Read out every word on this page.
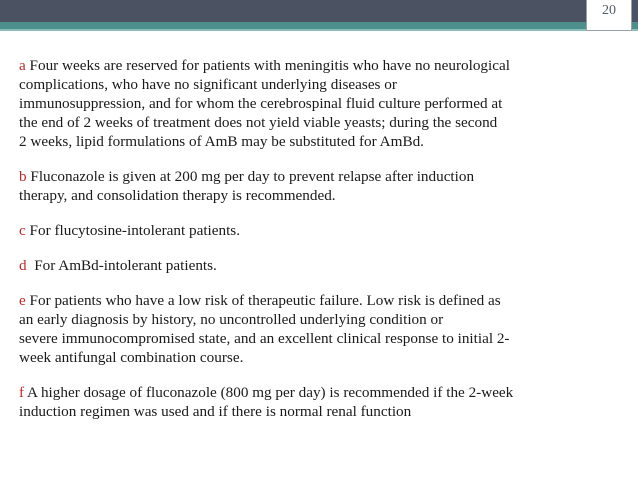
20
a Four weeks are reserved for patients with meningitis who have no neurological
complications, who have no significant underlying diseases or
immunosuppression, and for whom the cerebrospinal fluid culture performed at
the end of 2 weeks of treatment does not yield viable yeasts; during the second
2 weeks, lipid formulations of AmB may be substituted for AmBd.
b Fluconazole is given at 200 mg per day to prevent relapse after induction
therapy, and consolidation therapy is recommended.
c For flucytosine-intolerant patients.
d  For AmBd-intolerant patients.
e For patients who have a low risk of therapeutic failure. Low risk is defined as
an early diagnosis by history, no uncontrolled underlying condition or
severe immunocompromised state, and an excellent clinical response to initial 2-
week antifungal combination course.
f A higher dosage of fluconazole (800 mg per day) is recommended if the 2-week
induction regimen was used and if there is normal renal function
